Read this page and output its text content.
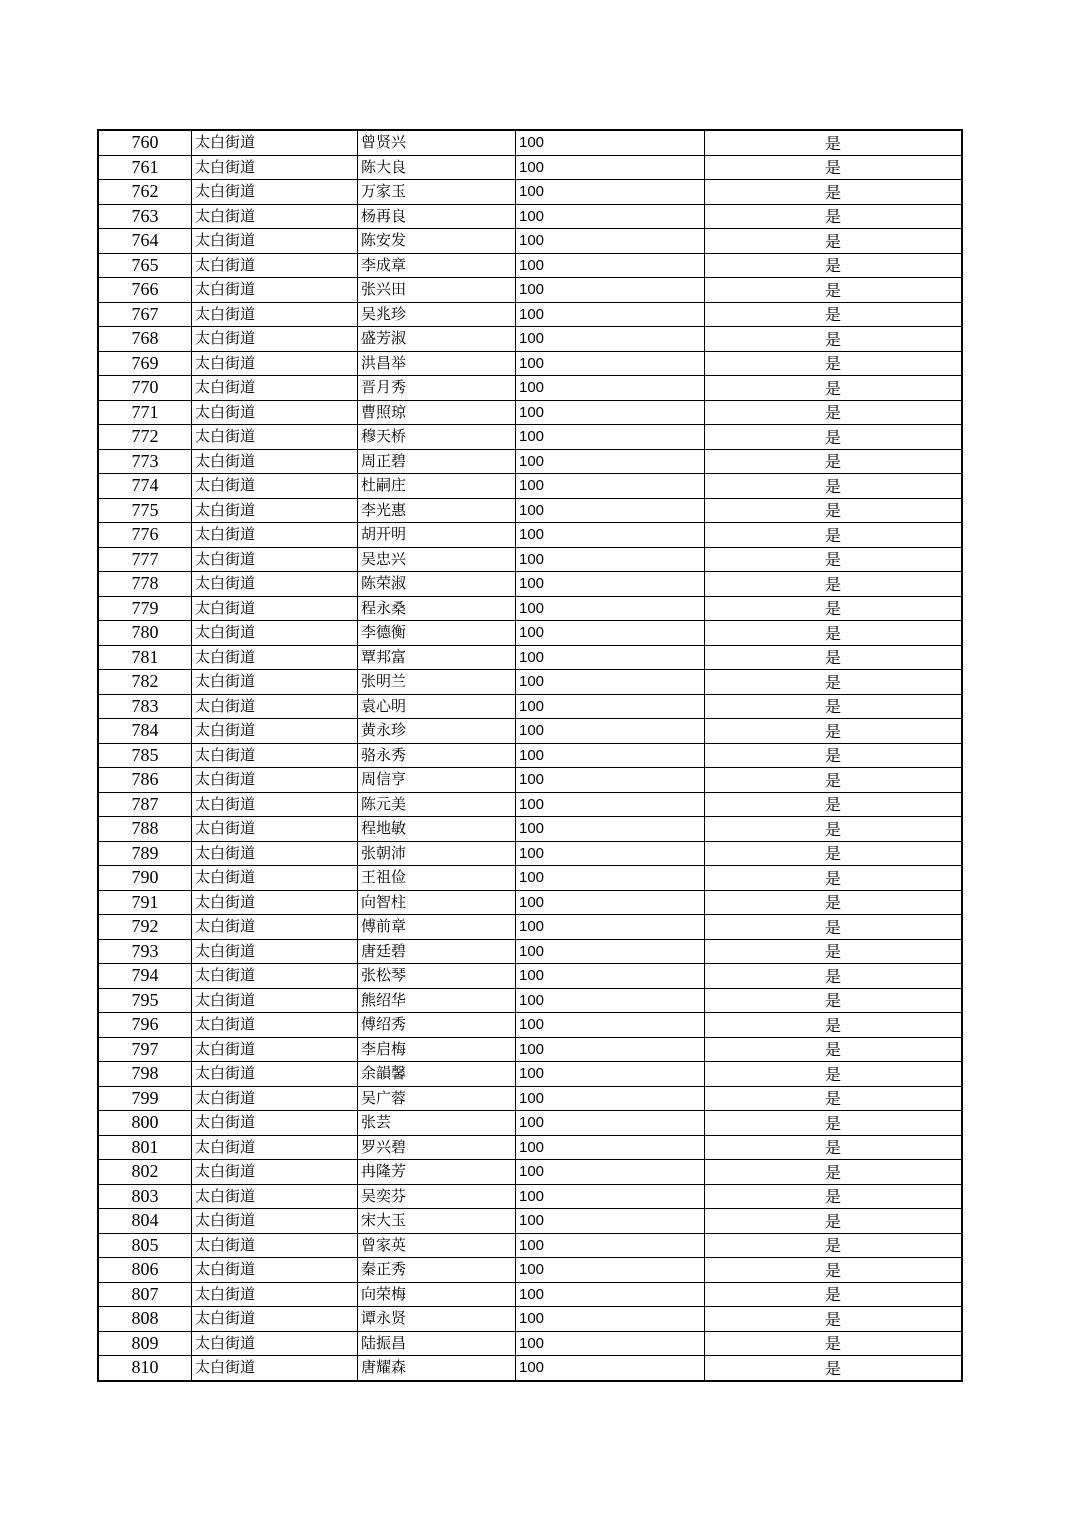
760	太白街道	曾贤兴	100	是
761	太白街道	陈大良	100	是
762	太白街道	万家玉	100	是
763	太白街道	杨再良	100	是
764	太白街道	陈安发	100	是
765	太白街道	李成章	100	是
766	太白街道	张兴田	100	是
767	太白街道	吴兆珍	100	是
768	太白街道	盛芳淑	100	是
769	太白街道	洪昌举	100	是
770	太白街道	晋月秀	100	是
771	太白街道	曹照琼	100	是
772	太白街道	穆天桥	100	是
773	太白街道	周正碧	100	是
774	太白街道	杜嗣庄	100	是
775	太白街道	李光惠	100	是
776	太白街道	胡开明	100	是
777	太白街道	吴忠兴	100	是
778	太白街道	陈荣淑	100	是
779	太白街道	程永桑	100	是
780	太白街道	李德衡	100	是
781	太白街道	覃邦富	100	是
782	太白街道	张明兰	100	是
783	太白街道	袁心明	100	是
784	太白街道	黄永珍	100	是
785	太白街道	骆永秀	100	是
786	太白街道	周信亨	100	是
787	太白街道	陈元美	100	是
788	太白街道	程地敏	100	是
789	太白街道	张朝沛	100	是
790	太白街道	王祖俭	100	是
791	太白街道	向智柱	100	是
792	太白街道	傅前章	100	是
793	太白街道	唐廷碧	100	是
794	太白街道	张松琴	100	是
795	太白街道	熊绍华	100	是
796	太白街道	傅绍秀	100	是
797	太白街道	李启梅	100	是
798	太白街道	余韻馨	100	是
799	太白街道	吴广蓉	100	是
800	太白街道	张芸	100	是
801	太白街道	罗兴碧	100	是
802	太白街道	冉隆芳	100	是
803	太白街道	吴奕芬	100	是
804	太白街道	宋大玉	100	是
805	太白街道	曾家英	100	是
806	太白街道	秦正秀	100	是
807	太白街道	向荣梅	100	是
808	太白街道	谭永贤	100	是
809	太白街道	陆振昌	100	是
810	太白街道	唐耀森	100	是
